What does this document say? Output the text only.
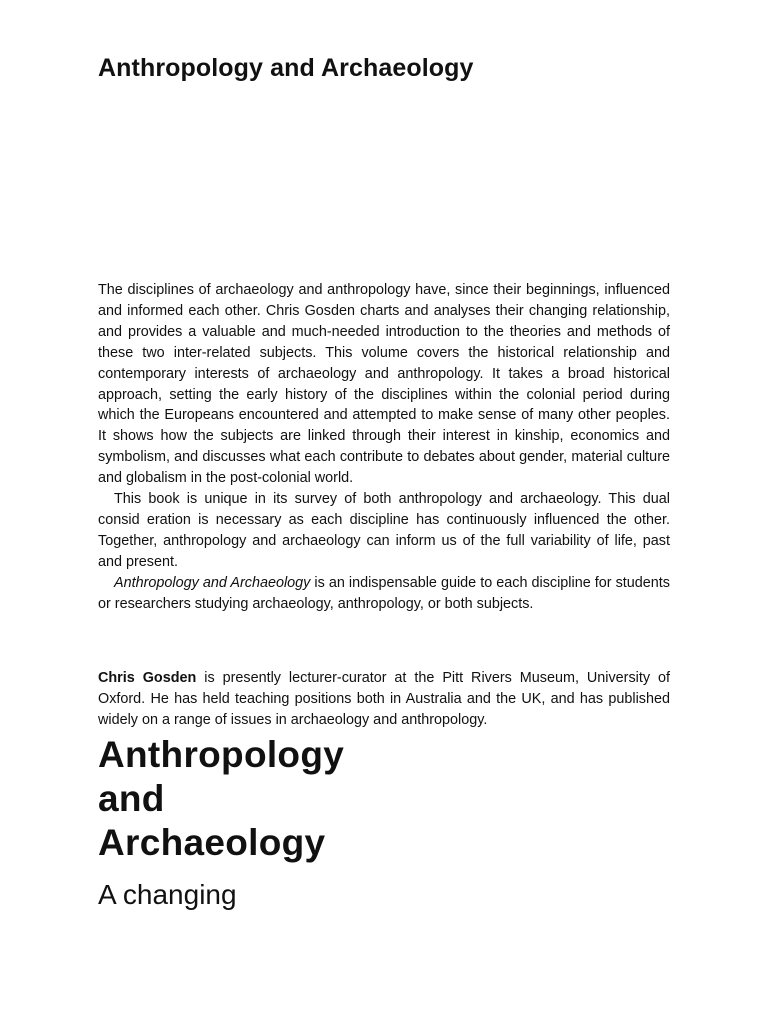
Anthropology and Archaeology

The disciplines of archaeology and anthropology have, since their beginnings, influenced and informed each other. Chris Gosden charts and analyses their changing relationship, and provides a valuable and much-needed introduction to the theories and methods of these two inter-related subjects. This volume covers the historical relationship and contemporary interests of archaeology and anthropology. It takes a broad historical approach, setting the early history of the disciplines within the colonial period during which the Europeans encountered and attempted to make sense of many other peoples. It shows how the subjects are linked through their interest in kinship, economics and symbolism, and discusses what each contribute to debates about gender, material culture and globalism in the post-colonial world.

This book is unique in its survey of both anthropology and archaeology. This dual consid eration is necessary as each discipline has continuously influenced the other. Together, anthropology and archaeology can inform us of the full variability of life, past and present.

Anthropology and Archaeology is an indispensable guide to each discipline for students or researchers studying archaeology, anthropology, or both subjects.

Chris Gosden is presently lecturer-curator at the Pitt Rivers Museum, University of Oxford. He has held teaching positions both in Australia and the UK, and has published widely on a range of issues in archaeology and anthropology.

Anthropology
and
Archaeology
A changing
